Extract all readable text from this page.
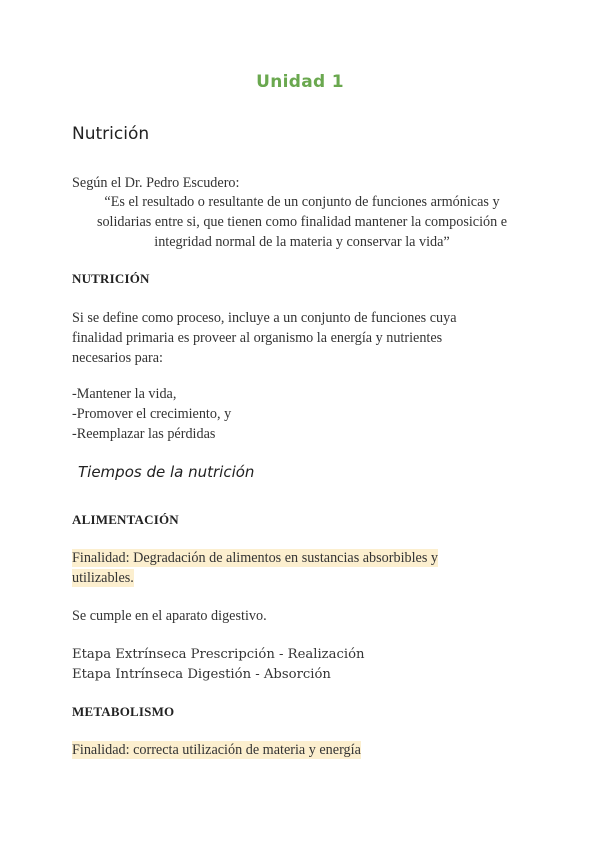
Unidad 1
Nutrición
Según el Dr. Pedro Escudero:
“Es el resultado o resultante de un conjunto de funciones armónicas y
solidarias entre si, que tienen como finalidad mantener la composición e
integridad normal de la materia y conservar la vida”
NUTRICIÓN
Si se define como proceso, incluye a un conjunto de funciones cuya
finalidad primaria es proveer al organismo la energía y nutrientes
necesarios para:
-Mantener la vida,
-Promover el crecimiento, y
-Reemplazar las pérdidas
Tiempos de la nutrición
ALIMENTACIÓN
Finalidad: Degradación de alimentos en sustancias absorbibles y
utilizables.
Se cumple en el aparato digestivo.
Etapa Extrínseca Prescripción - Realización
Etapa Intrínseca Digestión - Absorción
METABOLISMO
Finalidad: correcta utilización de materia y energía
